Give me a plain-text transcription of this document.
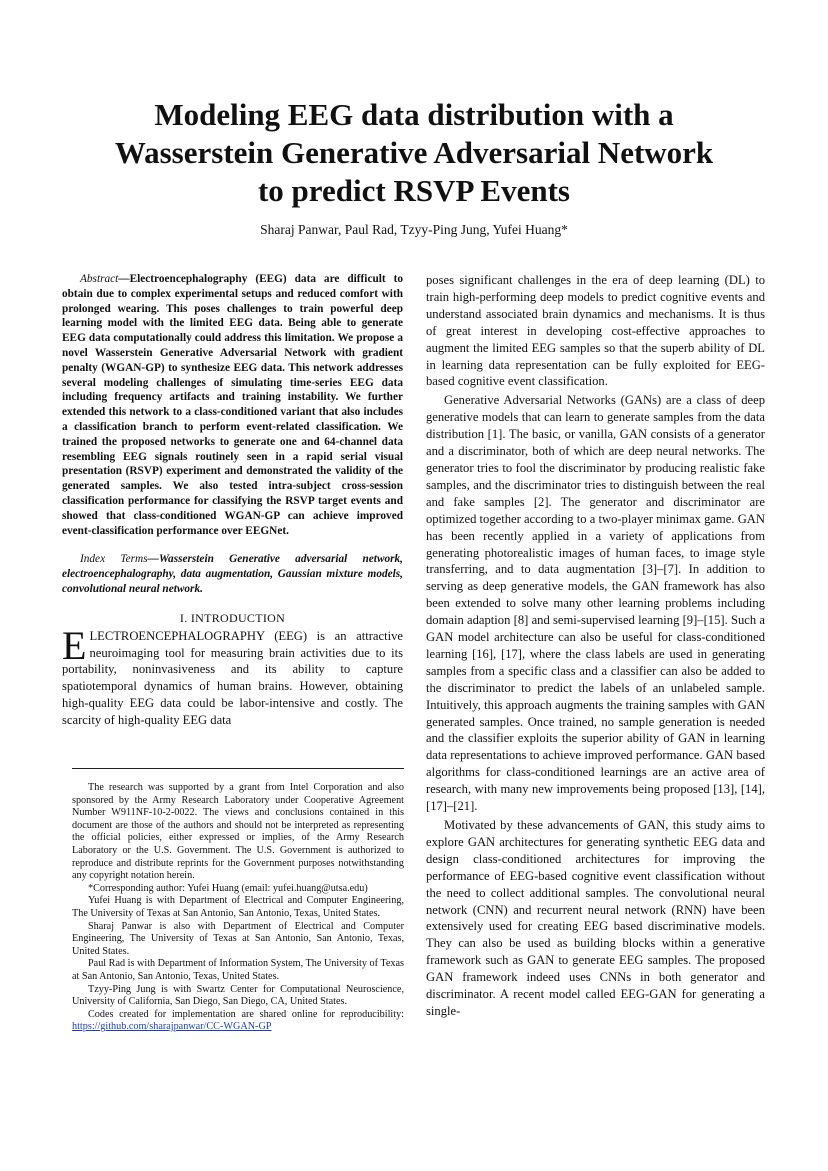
Modeling EEG data distribution with a
Wasserstein Generative Adversarial Network
to predict RSVP Events
Sharaj Panwar, Paul Rad, Tzyy-Ping Jung, Yufei Huang*

Abstract—Electroencephalography (EEG) data are difficult to obtain due to complex experimental setups and reduced comfort with prolonged wearing. This poses challenges to train powerful deep learning model with the limited EEG data. Being able to generate EEG data computationally could address this limitation. We propose a novel Wasserstein Generative Adversarial Network with gradient penalty (WGAN-GP) to synthesize EEG data. This network addresses several modeling challenges of simulating time-series EEG data including frequency artifacts and training instability. We further extended this network to a class-conditioned variant that also includes a classification branch to perform event-related classification. We trained the proposed networks to generate one and 64-channel data resembling EEG signals routinely seen in a rapid serial visual presentation (RSVP) experiment and demonstrated the validity of the generated samples. We also tested intra-subject cross-session classification performance for classifying the RSVP target events and showed that class-conditioned WGAN-GP can achieve improved event-classification performance over EEGNet.

Index Terms—Wasserstein Generative adversarial network, electroencephalography, data augmentation, Gaussian mixture models, convolutional neural network.

I. INTRODUCTION

ELECTROENCEPHALOGRAPHY (EEG) is an attractive neuroimaging tool for measuring brain activities due to its portability, noninvasiveness and its ability to capture spatiotemporal dynamics of human brains. However, obtaining high-quality EEG data could be labor-intensive and costly. The scarcity of high-quality EEG data

The research was supported by a grant from Intel Corporation and also sponsored by the Army Research Laboratory under Cooperative Agreement Number W911NF-10-2-0022. The views and conclusions contained in this document are those of the authors and should not be interpreted as representing the official policies, either expressed or implies, of the Army Research Laboratory or the U.S. Government. The U.S. Government is authorized to reproduce and distribute reprints for the Government purposes notwithstanding any copyright notation herein.

*Corresponding author: Yufei Huang (email: yufei.huang@utsa.edu)

Yufei Huang is with Department of Electrical and Computer Engineering, The University of Texas at San Antonio, San Antonio, Texas, United States.

Sharaj Panwar is also with Department of Electrical and Computer Engineering, The University of Texas at San Antonio, San Antonio, Texas, United States.

Paul Rad is with Department of Information System, The University of Texas at San Antonio, San Antonio, Texas, United States.

Tzyy-Ping Jung is with Swartz Center for Computational Neuroscience, University of California, San Diego, San Diego, CA, United States.

Codes created for implementation are shared online for reproducibility: https://github.com/sharajpanwar/CC-WGAN-GP

poses significant challenges in the era of deep learning (DL) to train high-performing deep models to predict cognitive events and understand associated brain dynamics and mechanisms. It is thus of great interest in developing cost-effective approaches to augment the limited EEG samples so that the superb ability of DL in learning data representation can be fully exploited for EEG-based cognitive event classification.

Generative Adversarial Networks (GANs) are a class of deep generative models that can learn to generate samples from the data distribution [1]. The basic, or vanilla, GAN consists of a generator and a discriminator, both of which are deep neural networks. The generator tries to fool the discriminator by producing realistic fake samples, and the discriminator tries to distinguish between the real and fake samples [2]. The generator and discriminator are optimized together according to a two-player minimax game. GAN has been recently applied in a variety of applications from generating photorealistic images of human faces, to image style transferring, and to data augmentation [3]–[7]. In addition to serving as deep generative models, the GAN framework has also been extended to solve many other learning problems including domain adaption [8] and semi-supervised learning [9]–[15]. Such a GAN model architecture can also be useful for class-conditioned learning [16], [17], where the class labels are used in generating samples from a specific class and a classifier can also be added to the discriminator to predict the labels of an unlabeled sample. Intuitively, this approach augments the training samples with GAN generated samples. Once trained, no sample generation is needed and the classifier exploits the superior ability of GAN in learning data representations to achieve improved performance. GAN based algorithms for class-conditioned learnings are an active area of research, with many new improvements being proposed [13], [14], [17]–[21].

Motivated by these advancements of GAN, this study aims to explore GAN architectures for generating synthetic EEG data and design class-conditioned architectures for improving the performance of EEG-based cognitive event classification without the need to collect additional samples. The convolutional neural network (CNN) and recurrent neural network (RNN) have been extensively used for creating EEG based discriminative models. They can also be used as building blocks within a generative framework such as GAN to generate EEG samples. The proposed GAN framework indeed uses CNNs in both generator and discriminator. A recent model called EEG-GAN for generating a single-
